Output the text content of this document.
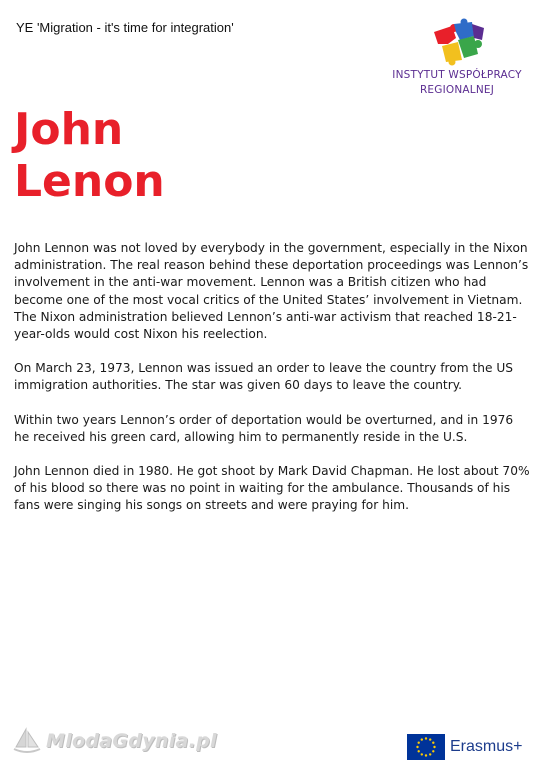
YE 'Migration - it's time for integration'
INSTYTUT WSPÓŁPRACY
REGIONALNEJ
John
Lenon

John Lennon was not loved by everybody in the government, especially in the Nixon administration. The real reason behind these deportation proceedings was Lennon’s involvement in the anti-war movement. Lennon was a British citizen who had become one of the most vocal critics of the United States’ involvement in Vietnam. The Nixon administration believed Lennon’s anti-war activism that reached 18-21-year-olds would cost Nixon his reelection.

On March 23, 1973, Lennon was issued an order to leave the country from the US immigration authorities. The star was given 60 days to leave the country.

Within two years Lennon’s order of deportation would be overturned, and in 1976 he received his green card, allowing him to permanently reside in the U.S.

John Lennon died in 1980. He got shoot by Mark David Chapman. He lost about 70% of his blood so there was no point in waiting for the ambulance. Thousands of his fans were singing his songs on streets and were praying for him.

MlodaGdynia.pl	Erasmus+
